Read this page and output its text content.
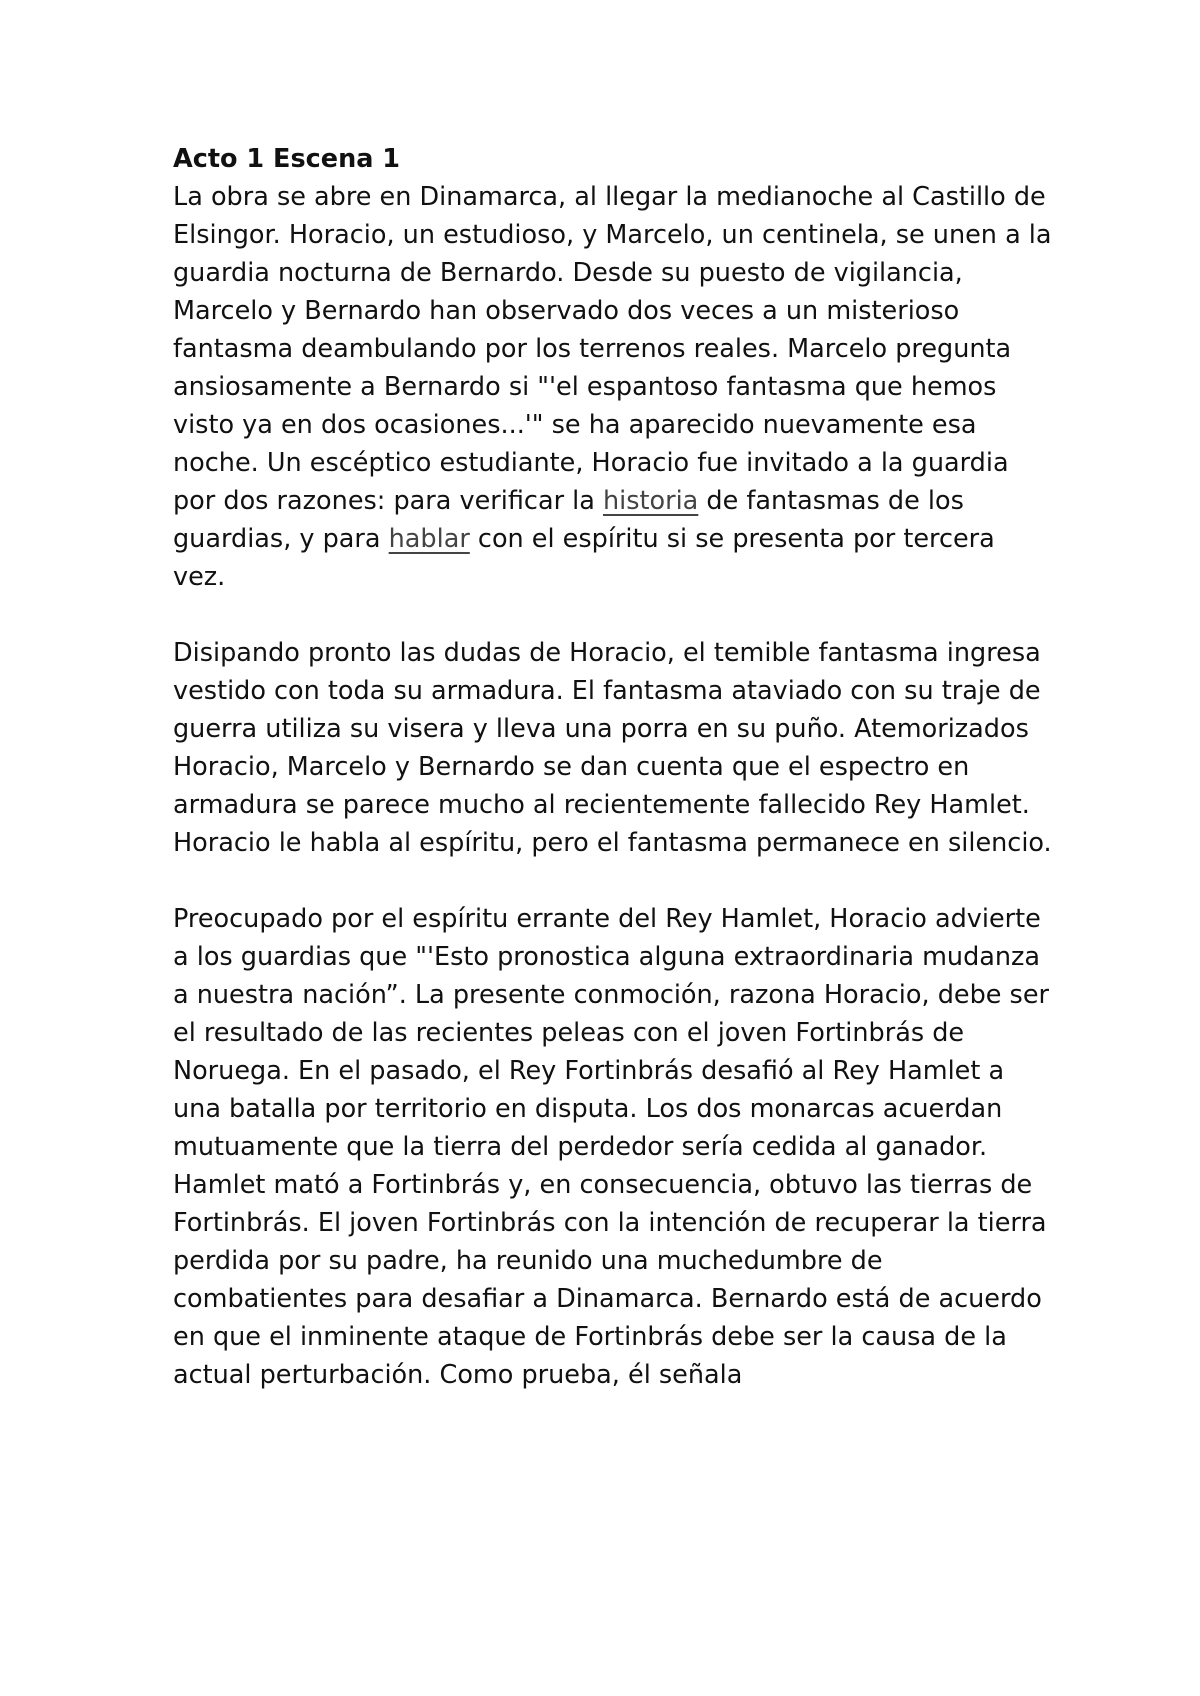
Acto 1 Escena 1

La obra se abre en Dinamarca, al llegar la medianoche al Castillo de Elsingor. Horacio, un estudioso, y Marcelo, un centinela, se unen a la guardia nocturna de Bernardo. Desde su puesto de vigilancia, Marcelo y Bernardo han observado dos veces a un misterioso fantasma deambulando por los terrenos reales. Marcelo pregunta ansiosamente a Bernardo si "'el espantoso fantasma que hemos visto ya en dos ocasiones...'" se ha aparecido nuevamente esa noche. Un escéptico estudiante, Horacio fue invitado a la guardia por dos razones: para verificar la historia de fantasmas de los guardias, y para hablar con el espíritu si se presenta por tercera vez.

Disipando pronto las dudas de Horacio, el temible fantasma ingresa vestido con toda su armadura. El fantasma ataviado con su traje de guerra utiliza su visera y lleva una porra en su puño. Atemorizados Horacio, Marcelo y Bernardo se dan cuenta que el espectro en armadura se parece mucho al recientemente fallecido Rey Hamlet. Horacio le habla al espíritu, pero el fantasma permanece en silencio.

Preocupado por el espíritu errante del Rey Hamlet, Horacio advierte a los guardias que "'Esto pronostica alguna extraordinaria mudanza a nuestra nación”. La presente conmoción, razona Horacio, debe ser el resultado de las recientes peleas con el joven Fortinbrás de Noruega. En el pasado, el Rey Fortinbrás desafió al Rey Hamlet a una batalla por territorio en disputa. Los dos monarcas acuerdan mutuamente que la tierra del perdedor sería cedida al ganador. Hamlet mató a Fortinbrás y, en consecuencia, obtuvo las tierras de Fortinbrás. El joven Fortinbrás con la intención de recuperar la tierra perdida por su padre, ha reunido una muchedumbre de combatientes para desafiar a Dinamarca. Bernardo está de acuerdo en que el inminente ataque de Fortinbrás debe ser la causa de la actual perturbación. Como prueba, él señala
